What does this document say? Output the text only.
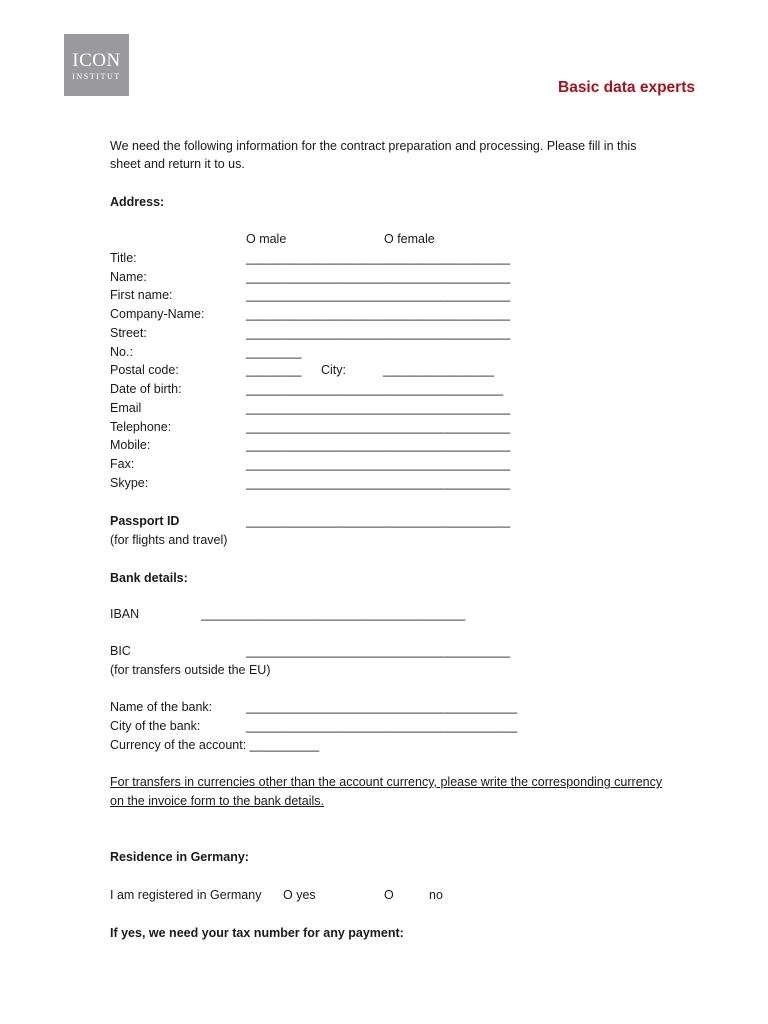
ICON
INSTITUT
Basic data experts
We need the following information for the contract preparation and processing. Please fill in this
sheet and return it to us.
Address:
O male	O female
Title:	______________________________________
Name:	______________________________________
First name:	______________________________________
Company-Name:	______________________________________
Street:	______________________________________
No.:	________
Postal code:	________ City:	________________
Date of birth:	_____________________________________
Email	______________________________________
Telephone:	______________________________________
Mobile:	______________________________________
Fax:	______________________________________
Skype:	______________________________________
Passport ID	______________________________________
(for flights and travel)
Bank details:
IBAN	______________________________________
BIC	______________________________________
(for transfers outside the EU)
Name of the bank:	_______________________________________
City of the bank:	_______________________________________
Currency of the account: __________
For transfers in currencies other than the account currency, please write the corresponding currency
on the invoice form to the bank details.
Residence in Germany:
I am registered in Germany O yes	O	no
If yes, we need your tax number for any payment:
